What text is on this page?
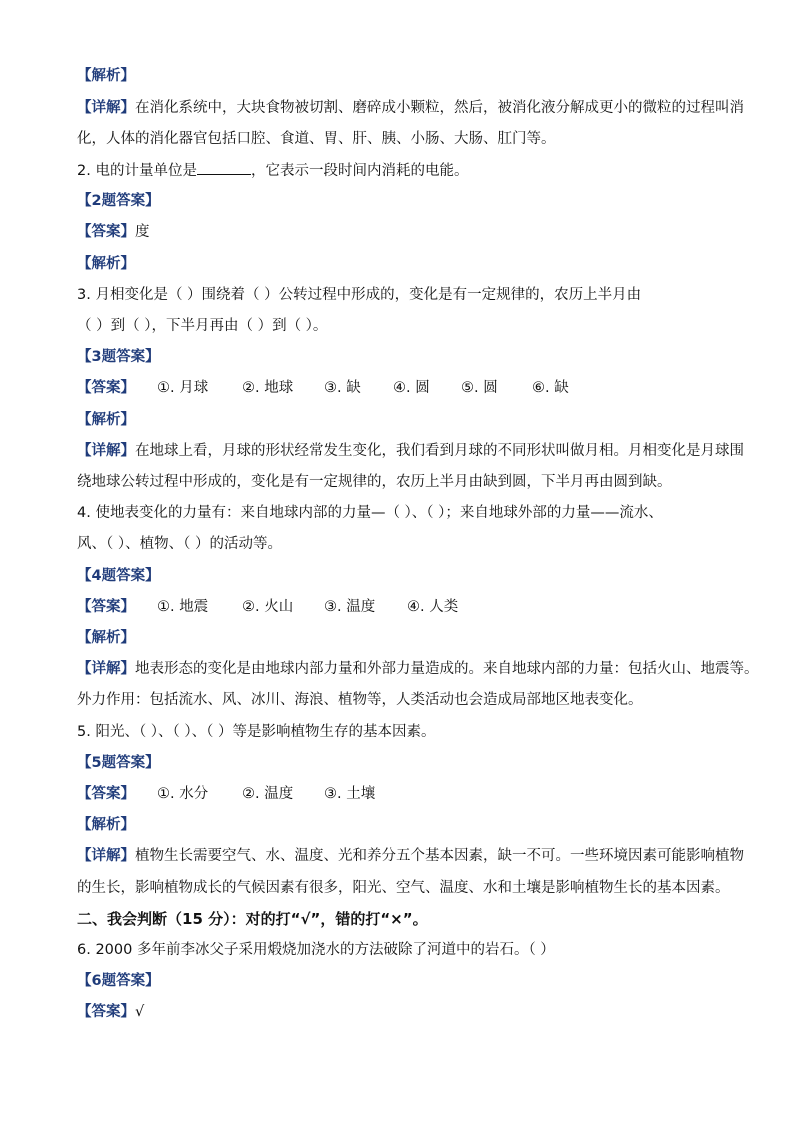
【解析】
【详解】在消化系统中，大块食物被切割、磨碎成小颗粒，然后，被消化液分解成更小的微粒的过程叫消
化，人体的消化器官包括口腔、食道、胃、肝、胰、小肠、大肠、肛门等。
2. 电的计量单位是	，它表示一段时间内消耗的电能。
【2题答案】
【答案】度
【解析】
3. 月相变化是（ ）围绕着（ ）公转过程中形成的，变化是有一定规律的，农历上半月由
（ ）到（ ），下半月再由（ ）到（ ）。
【3题答案】
【答案】 ①. 月球 ②. 地球 ③. 缺 ④. 圆 ⑤. 圆 ⑥. 缺
【解析】
【详解】在地球上看，月球的形状经常发生变化，我们看到月球的不同形状叫做月相。月相变化是月球围
绕地球公转过程中形成的，变化是有一定规律的，农历上半月由缺到圆，下半月再由圆到缺。
4. 使地表变化的力量有：来自地球内部的力量—（ ）、（ ）；来自地球外部的力量——流水、
风、（ ）、植物、（ ）的活动等。
【4题答案】
【答案】 ①. 地震 ②. 火山 ③. 温度 ④. 人类
【解析】
【详解】地表形态的变化是由地球内部力量和外部力量造成的。来自地球内部的力量：包括火山、地震等。
外力作用：包括流水、风、冰川、海浪、植物等，人类活动也会造成局部地区地表变化。
5. 阳光、（ ）、（ ）、（ ）等是影响植物生存的基本因素。
【5题答案】
【答案】 ①. 水分 ②. 温度 ③. 土壤
【解析】
【详解】植物生长需要空气、水、温度、光和养分五个基本因素，缺一不可。一些环境因素可能影响植物
的生长，影响植物成长的气候因素有很多，阳光、空气、温度、水和土壤是影响植物生长的基本因素。
二、我会判断（15 分）：对的打“√”，错的打“×”。
6. 2000 多年前李冰父子采用煅烧加浇水的方法破除了河道中的岩石。（ ）
【6题答案】
【答案】√
